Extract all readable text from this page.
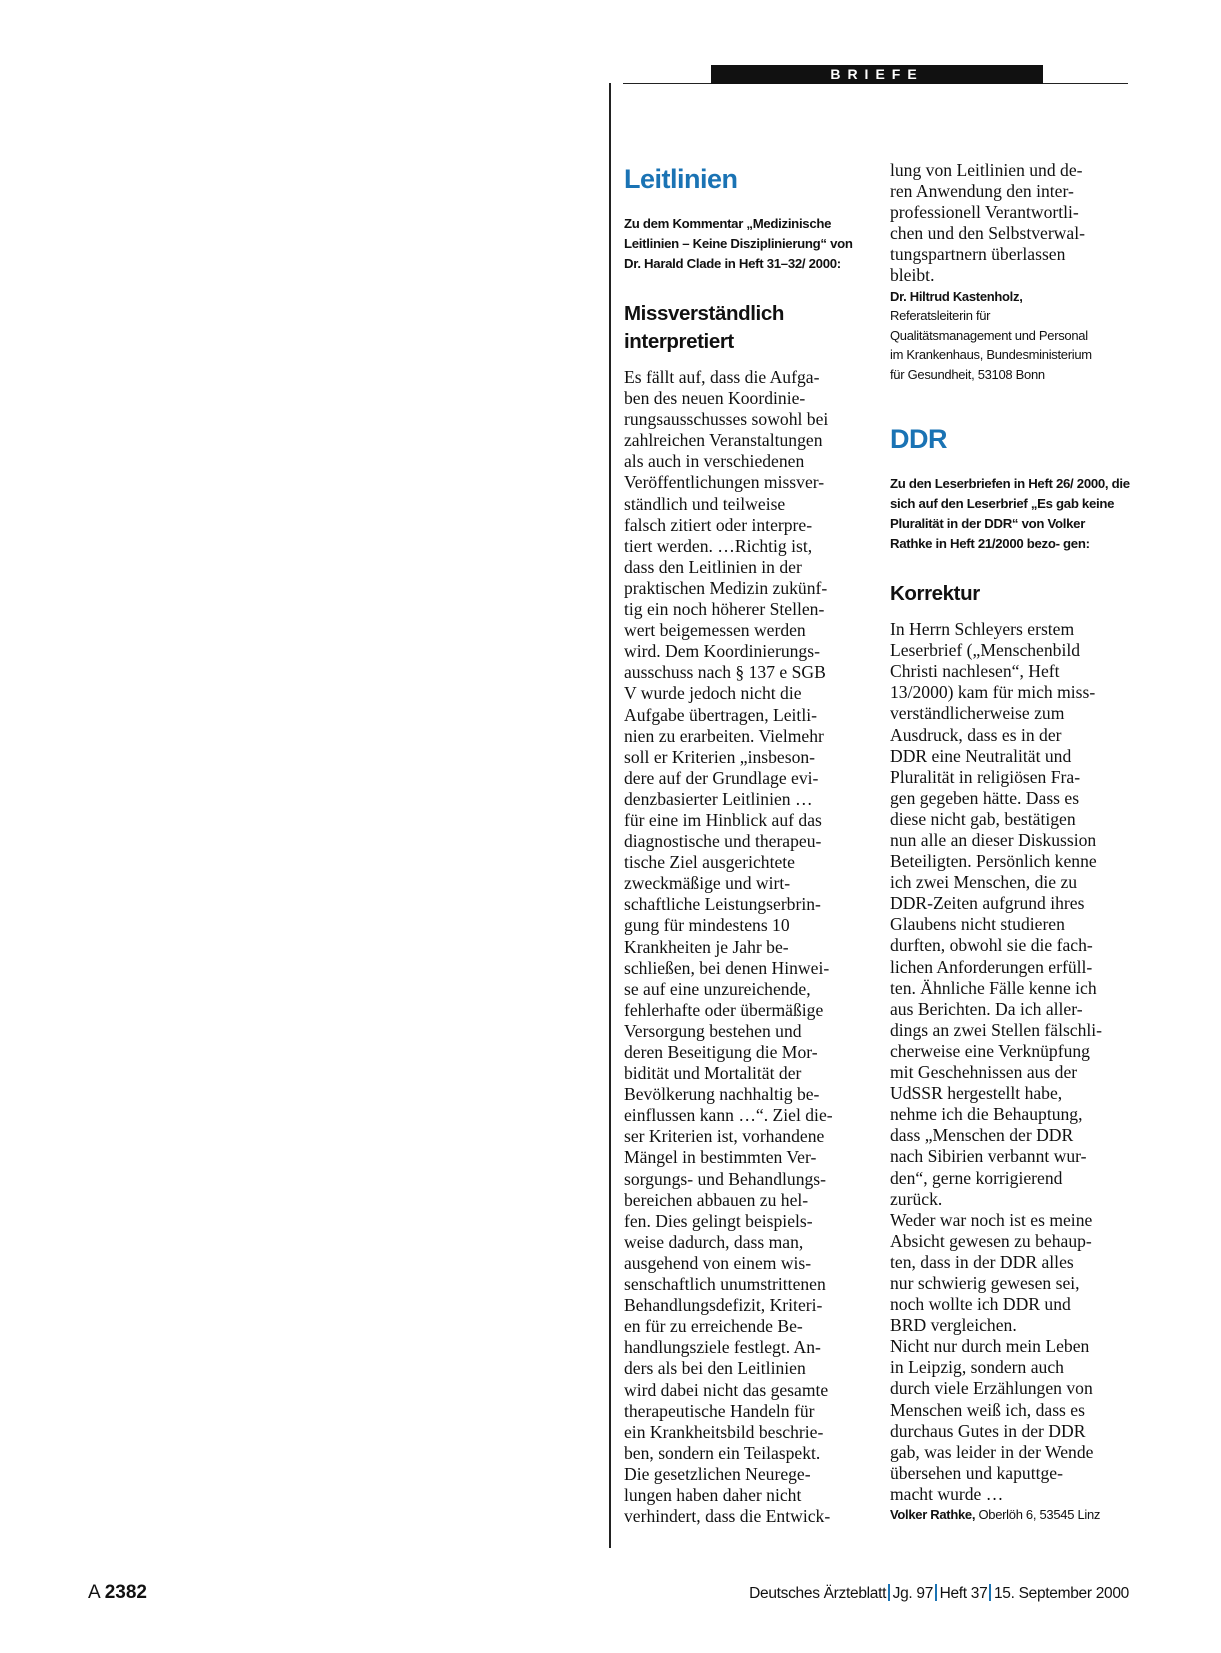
BRIEFE
Leitlinien

Zu dem Kommentar „Medizinische Leitlinien – Keine Disziplinierung“ von Dr. Harald Clade in Heft 31–32/ 2000:

Missverständlich interpretiert

Es fällt auf, dass die Aufga-
ben des neuen Koordinie-
rungsausschusses sowohl bei
zahlreichen Veranstaltungen
als auch in verschiedenen
Veröffentlichungen missver-
ständlich und teilweise
falsch zitiert oder interpre-
tiert werden. …Richtig ist,
dass den Leitlinien in der
praktischen Medizin zukünf-
tig ein noch höherer Stellen-
wert beigemessen werden
wird. Dem Koordinierungs-
ausschuss nach § 137 e SGB
V wurde jedoch nicht die
Aufgabe übertragen, Leitli-
nien zu erarbeiten. Vielmehr
soll er Kriterien „insbeson-
dere auf der Grundlage evi-
denzbasierter Leitlinien …
für eine im Hinblick auf das
diagnostische und therapeu-
tische Ziel ausgerichtete
zweckmäßige und wirt-
schaftliche Leistungserbrin-
gung für mindestens 10
Krankheiten je Jahr be-
schließen, bei denen Hinwei-
se auf eine unzureichende,
fehlerhafte oder übermäßige
Versorgung bestehen und
deren Beseitigung die Mor-
bidität und Mortalität der
Bevölkerung nachhaltig be-
einflussen kann …“. Ziel die-
ser Kriterien ist, vorhandene
Mängel in bestimmten Ver-
sorgungs- und Behandlungs-
bereichen abbauen zu hel-
fen. Dies gelingt beispiels-
weise dadurch, dass man,
ausgehend von einem wis-
senschaftlich unumstrittenen
Behandlungsdefizit, Kriteri-
en für zu erreichende Be-
handlungsziele festlegt. An-
ders als bei den Leitlinien
wird dabei nicht das gesamte
therapeutische Handeln für
ein Krankheitsbild beschrie-
ben, sondern ein Teilaspekt.
Die gesetzlichen Neurege-
lungen haben daher nicht
verhindert, dass die Entwick-

lung von Leitlinien und de-
ren Anwendung den inter-
professionell Verantwortli-
chen und den Selbstverwal-
tungspartnern überlassen
bleibt.

Dr. Hiltrud Kastenholz,
Referatsleiterin für
Qualitätsmanagement und Personal
im Krankenhaus, Bundesministerium
für Gesundheit, 53108 Bonn
DDR

Zu den Leserbriefen in Heft 26/ 2000, die sich auf den Leserbrief „Es gab keine Pluralität in der DDR“ von Volker Rathke in Heft 21/2000 bezo- gen:

Korrektur

In Herrn Schleyers erstem
Leserbrief („Menschenbild
Christi nachlesen“, Heft
13/2000) kam für mich miss-
verständlicherweise zum
Ausdruck, dass es in der
DDR eine Neutralität und
Pluralität in religiösen Fra-
gen gegeben hätte. Dass es
diese nicht gab, bestätigen
nun alle an dieser Diskussion
Beteiligten. Persönlich kenne
ich zwei Menschen, die zu
DDR-Zeiten aufgrund ihres
Glaubens nicht studieren
durften, obwohl sie die fach-
lichen Anforderungen erfüll-
ten. Ähnliche Fälle kenne ich
aus Berichten. Da ich aller-
dings an zwei Stellen fälschli-
cherweise eine Verknüpfung
mit Geschehnissen aus der
UdSSR hergestellt habe,
nehme ich die Behauptung,
dass „Menschen der DDR
nach Sibirien verbannt wur-
den“, gerne korrigierend
zurück.
Weder war noch ist es meine
Absicht gewesen zu behaup-
ten, dass in der DDR alles
nur schwierig gewesen sei,
noch wollte ich DDR und
BRD vergleichen.
Nicht nur durch mein Leben
in Leipzig, sondern auch
durch viele Erzählungen von
Menschen weiß ich, dass es
durchaus Gutes in der DDR
gab, was leider in der Wende
übersehen und kaputtge-
macht wurde …

Volker Rathke, Oberlöh 6, 53545 Linz
A 2382	Deutsches Ärzteblatt Jg. 97 Heft 37 15. September 2000
